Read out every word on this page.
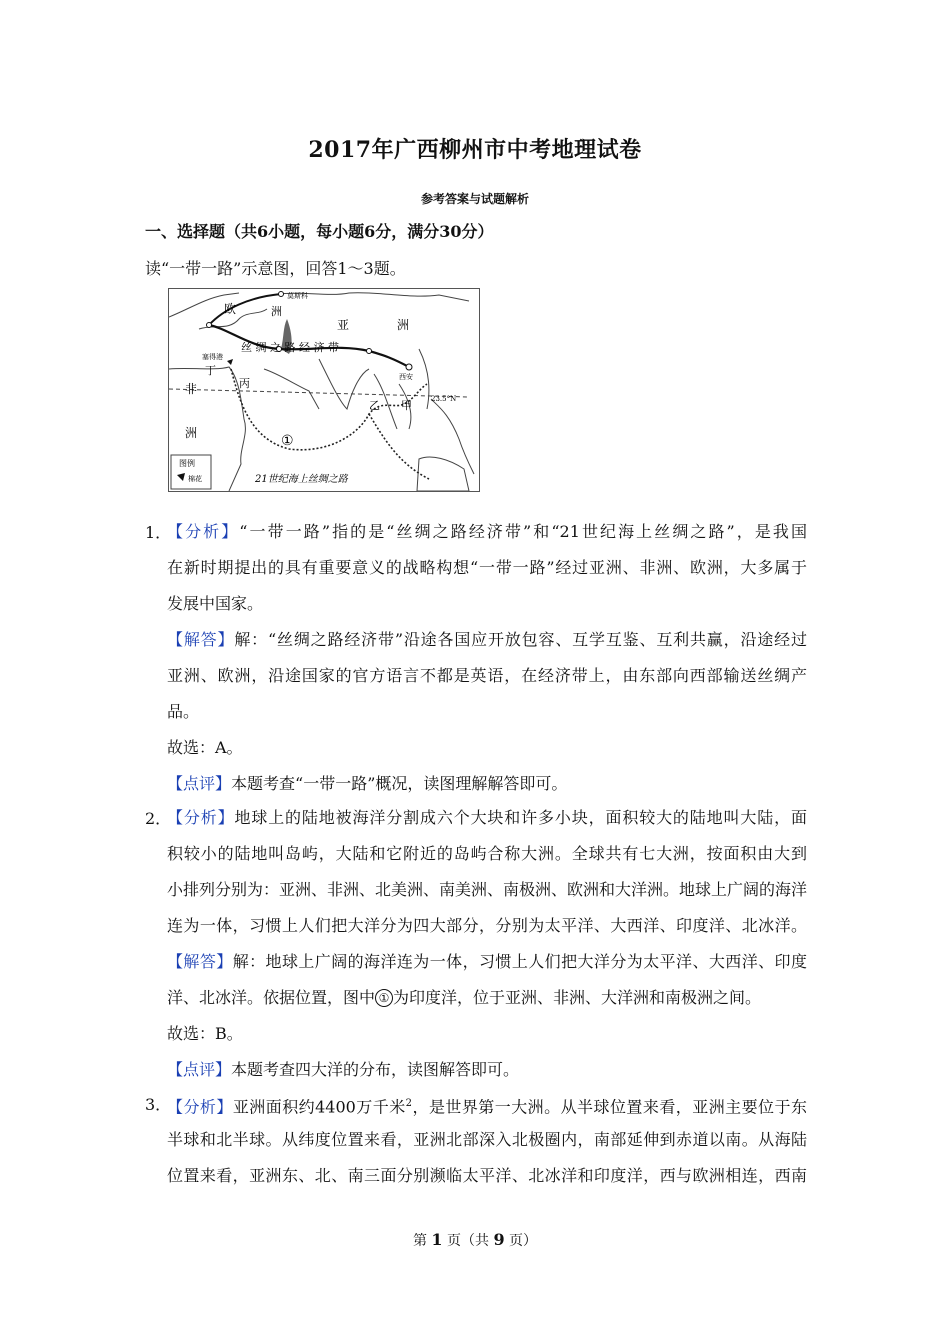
2017年广西柳州市中考地理试卷
参考答案与试题解析
一、选择题（共6小题，每小题6分，满分30分）
读“一带一路”示意图，回答1～3题。
欧	洲
亚	洲
非
洲
莫斯科
西安
23.5°N
塞得港
丁
丙
乙 甲
①
丝 绸 之 路 经 济 带
21世纪海上丝绸之路
图例
棉花
1．
【分析】“一带一路”指的是“丝绸之路经济带”和“21世纪海上丝绸之路”，是我国
在新时期提出的具有重要意义的战略构想“一带一路”经过亚洲、非洲、欧洲，大多属于
发展中国家。
【解答】解：“丝绸之路经济带”沿途各国应开放包容、互学互鉴、互利共赢，沿途经过
亚洲、欧洲，沿途国家的官方语言不都是英语，在经济带上，由东部向西部输送丝绸产
品。
故选：A。
【点评】本题考查“一带一路”概况，读图理解解答即可。
2．
【分析】地球上的陆地被海洋分割成六个大块和许多小块，面积较大的陆地叫大陆，面
积较小的陆地叫岛屿，大陆和它附近的岛屿合称大洲。全球共有七大洲，按面积由大到
小排列分别为：亚洲、非洲、北美洲、南美洲、南极洲、欧洲和大洋洲。地球上广阔的海洋
连为一体，习惯上人们把大洋分为四大部分，分别为太平洋、大西洋、印度洋、北冰洋。
【解答】解：地球上广阔的海洋连为一体，习惯上人们把大洋分为太平洋、大西洋、印度
洋、北冰洋。依据位置，图中 ① 为印度洋，位于亚洲、非洲、大洋洲和南极洲之间。
故选：B。
【点评】本题考查四大洋的分布，读图解答即可。
3．
【分析】亚洲面积约4400万千米$^2$，是世界第一大洲。从半球位置来看，亚洲主要位于东
半球和北半球。从纬度位置来看，亚洲北部深入北极圈内，南部延伸到赤道以南。从海陆
位置来看，亚洲东、北、南三面分别濒临太平洋、北冰洋和印度洋，西与欧洲相连，西南
第 1 页（共 9 页）
